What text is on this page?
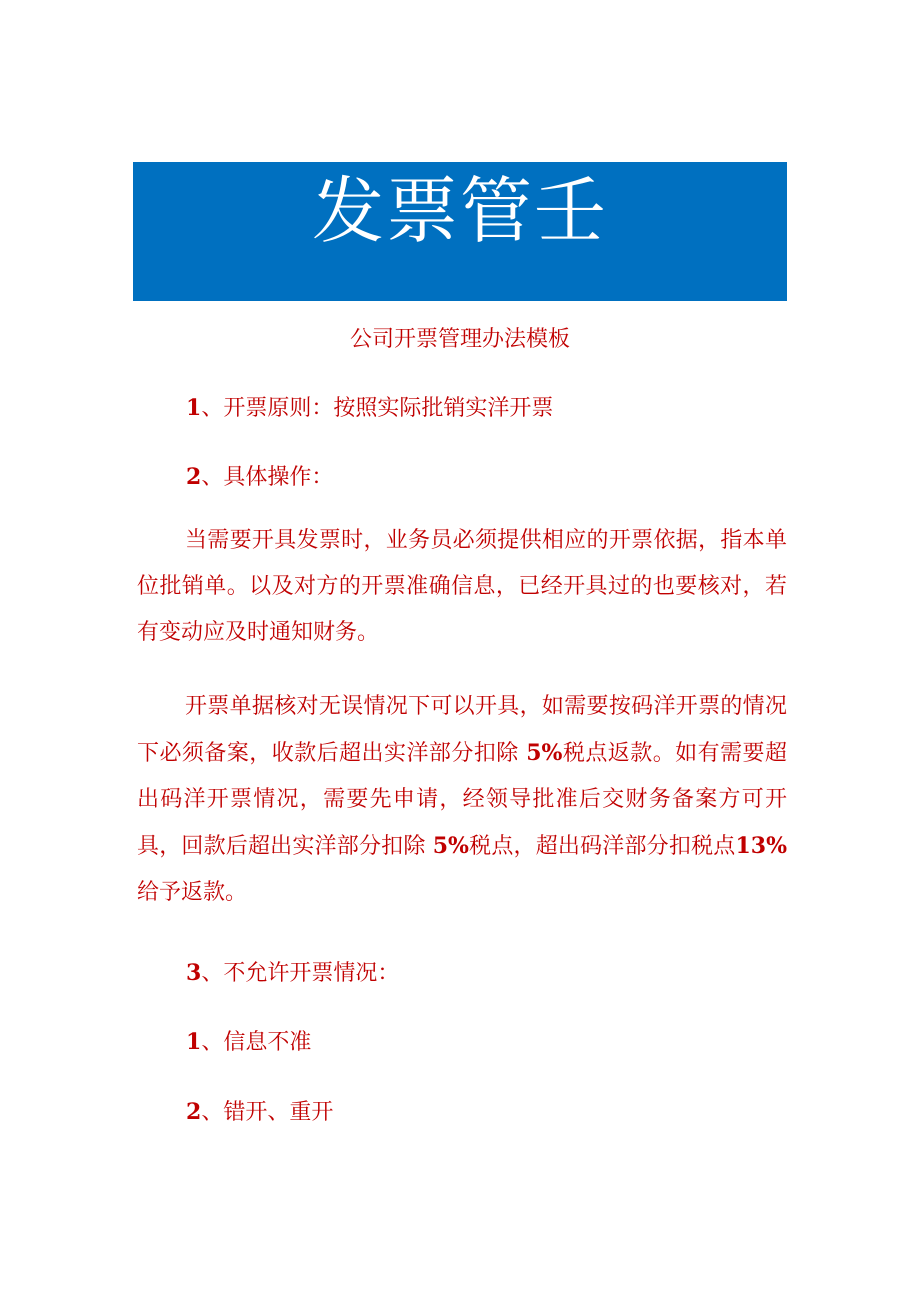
发票管壬

公司开票管理办法模板

1、开票原则：按照实际批销实洋开票

2、具体操作：

当需要开具发票时，业务员必须提供相应的开票依据，指本单位批销单。以及对方的开票准确信息，已经开具过的也要核对，若有变动应及时通知财务。

开票单据核对无误情况下可以开具，如需要按码洋开票的情况下必须备案，收款后超出实洋部分扣除 5%税点返款。如有需要超出码洋开票情况，需要先申请，经领导批准后交财务备案方可开具，回款后超出实洋部分扣除 5%税点，超出码洋部分扣税点13%给予返款。

3、不允许开票情况：

1、信息不准

2、错开、重开
